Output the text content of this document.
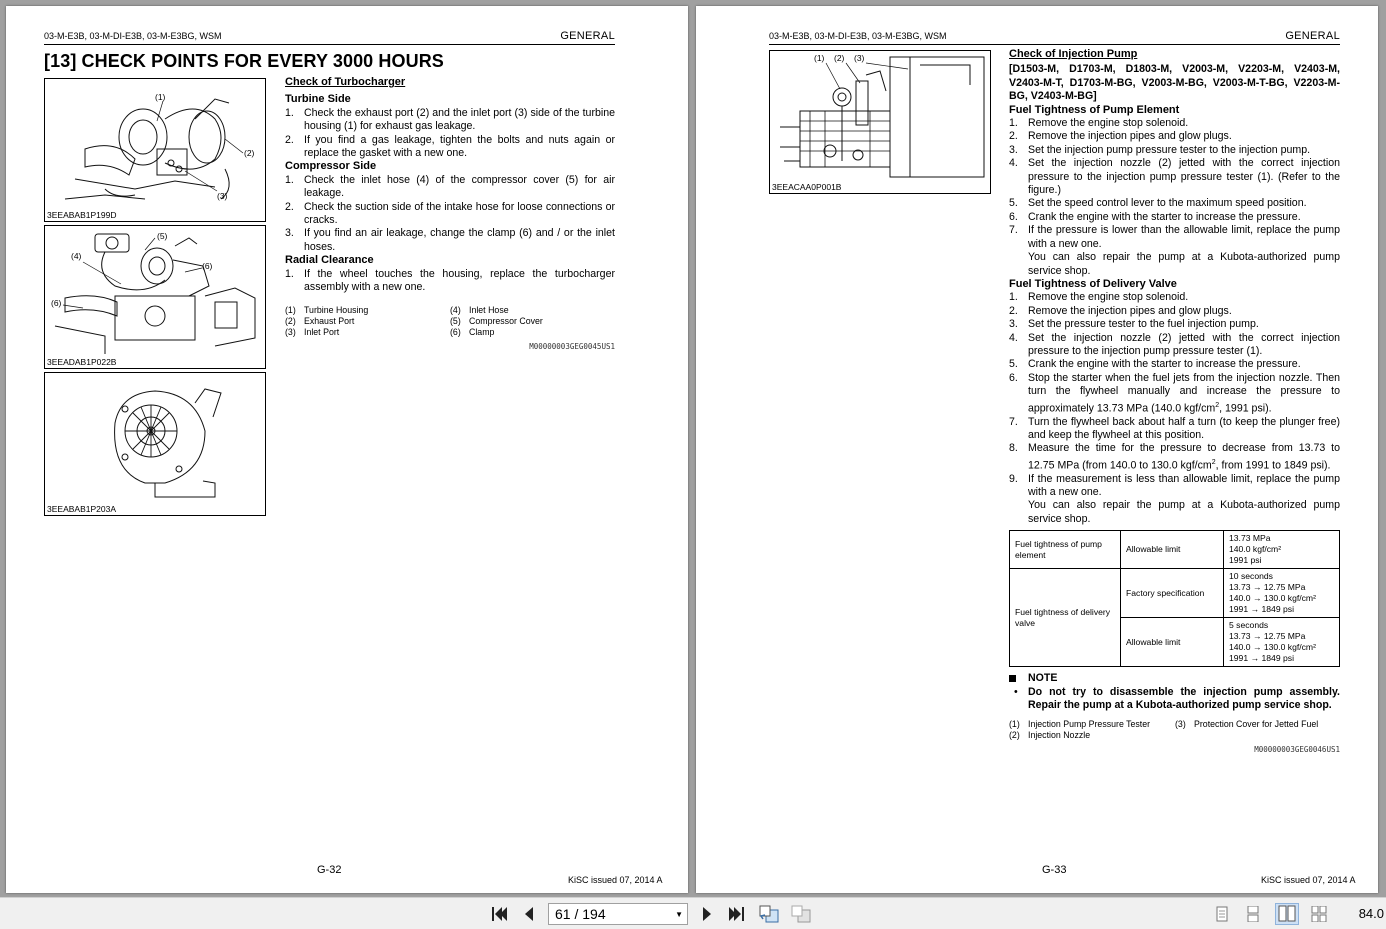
03-M-E3B, 03-M-DI-E3B, 03-M-E3BG, WSM	GENERAL
[13] CHECK POINTS FOR EVERY 3000 HOURS
(1)
(2)
(3)
3EEABAB1P199D
(5)
(4)
(6)
(6)
3EEADAB1P022B
3EEABAB1P203A
Check of Turbocharger
Turbine Side
1. Check the exhaust port (2) and the inlet port (3) side of the turbine housing (1) for exhaust gas leakage.
2. If you find a gas leakage, tighten the bolts and nuts again or replace the gasket with a new one.
Compressor Side
1. Check the inlet hose (4) of the compressor cover (5) for air leakage.
2. Check the suction side of the intake hose for loose connections or cracks.
3. If you find an air leakage, change the clamp (6) and / or the inlet hoses.
Radial Clearance
1. If the wheel touches the housing, replace the turbocharger assembly with a new one.
(1) Turbine Housing	(4) Inlet Hose
(2) Exhaust Port	(5) Compressor Cover
(3) Inlet Port	(6) Clamp
M00000003GEG0045US1
G-32
KiSC issued 07, 2014 A
03-M-E3B, 03-M-DI-E3B, 03-M-E3BG, WSM	GENERAL
(1) (2) (3)
3EEACAA0P001B
Check of Injection Pump
[D1503-M, D1703-M, D1803-M, V2003-M, V2203-M, V2403-M, V2403-M-T, D1703-M-BG, V2003-M-BG, V2003-M-T-BG, V2203-M-BG, V2403-M-BG]
Fuel Tightness of Pump Element
1. Remove the engine stop solenoid.
2. Remove the injection pipes and glow plugs.
3. Set the injection pump pressure tester to the injection pump.
4. Set the injection nozzle (2) jetted with the correct injection pressure to the injection pump pressure tester (1). (Refer to the figure.)
5. Set the speed control lever to the maximum speed position.
6. Crank the engine with the starter to increase the pressure.
7. If the pressure is lower than the allowable limit, replace the pump with a new one.
You can also repair the pump at a Kubota-authorized pump service shop.
Fuel Tightness of Delivery Valve
1. Remove the engine stop solenoid.
2. Remove the injection pipes and glow plugs.
3. Set the pressure tester to the fuel injection pump.
4. Set the injection nozzle (2) jetted with the correct injection pressure to the injection pump pressure tester (1).
5. Crank the engine with the starter to increase the pressure.
6. Stop the starter when the fuel jets from the injection nozzle. Then turn the flywheel manually and increase the pressure to approximately 13.73 MPa (140.0 kgf/$cm^2$, 1991 psi).
7. Turn the flywheel back about half a turn (to keep the plunger free) and keep the flywheel at this position.
8. Measure the time for the pressure to decrease from 13.73 to 12.75 MPa (from 140.0 to 130.0 kgf/$cm^2$, from 1991 to 1849 psi).
9. If the measurement is less than allowable limit, replace the pump with a new one.
You can also repair the pump at a Kubota-authorized pump service shop.
Fuel tightness of pump element	Allowable limit	13.73 MPa
140.0 kgf/cm²
1991 psi

Fuel tightness of delivery valve	Factory specification	10 seconds
13.73 → 12.75 MPa
140.0 → 130.0 kgf/cm²
1991 → 1849 psi

	Allowable limit	5 seconds
13.73 → 12.75 MPa
140.0 → 130.0 kgf/cm²
1991 → 1849 psi
NOTE
• Do not try to disassemble the injection pump assembly. Repair the pump at a Kubota-authorized pump service shop.
(1) Injection Pump Pressure Tester	(3) Protection Cover for Jetted Fuel
(2) Injection Nozzle
M00000003GEG0046US1
G-33
KiSC issued 07, 2014 A
61 / 194	▼	84.0
